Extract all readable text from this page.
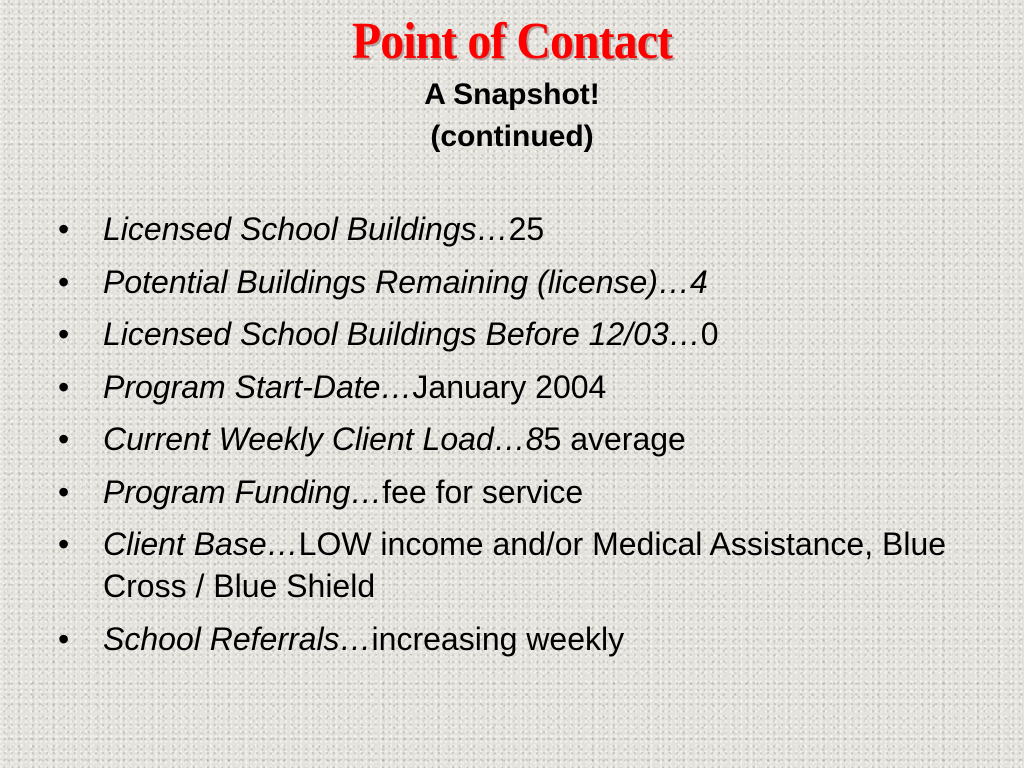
Point of Contact
A Snapshot!
(continued)
• Licensed School Buildings…25
• Potential Buildings Remaining (license)…4
• Licensed School Buildings Before 12/03…0
• Program Start-Date…January 2004
• Current Weekly Client Load…85 average
• Program Funding…fee for service
• Client Base…LOW income and/or Medical Assistance, Blue Cross / Blue Shield
• School Referrals…increasing weekly
